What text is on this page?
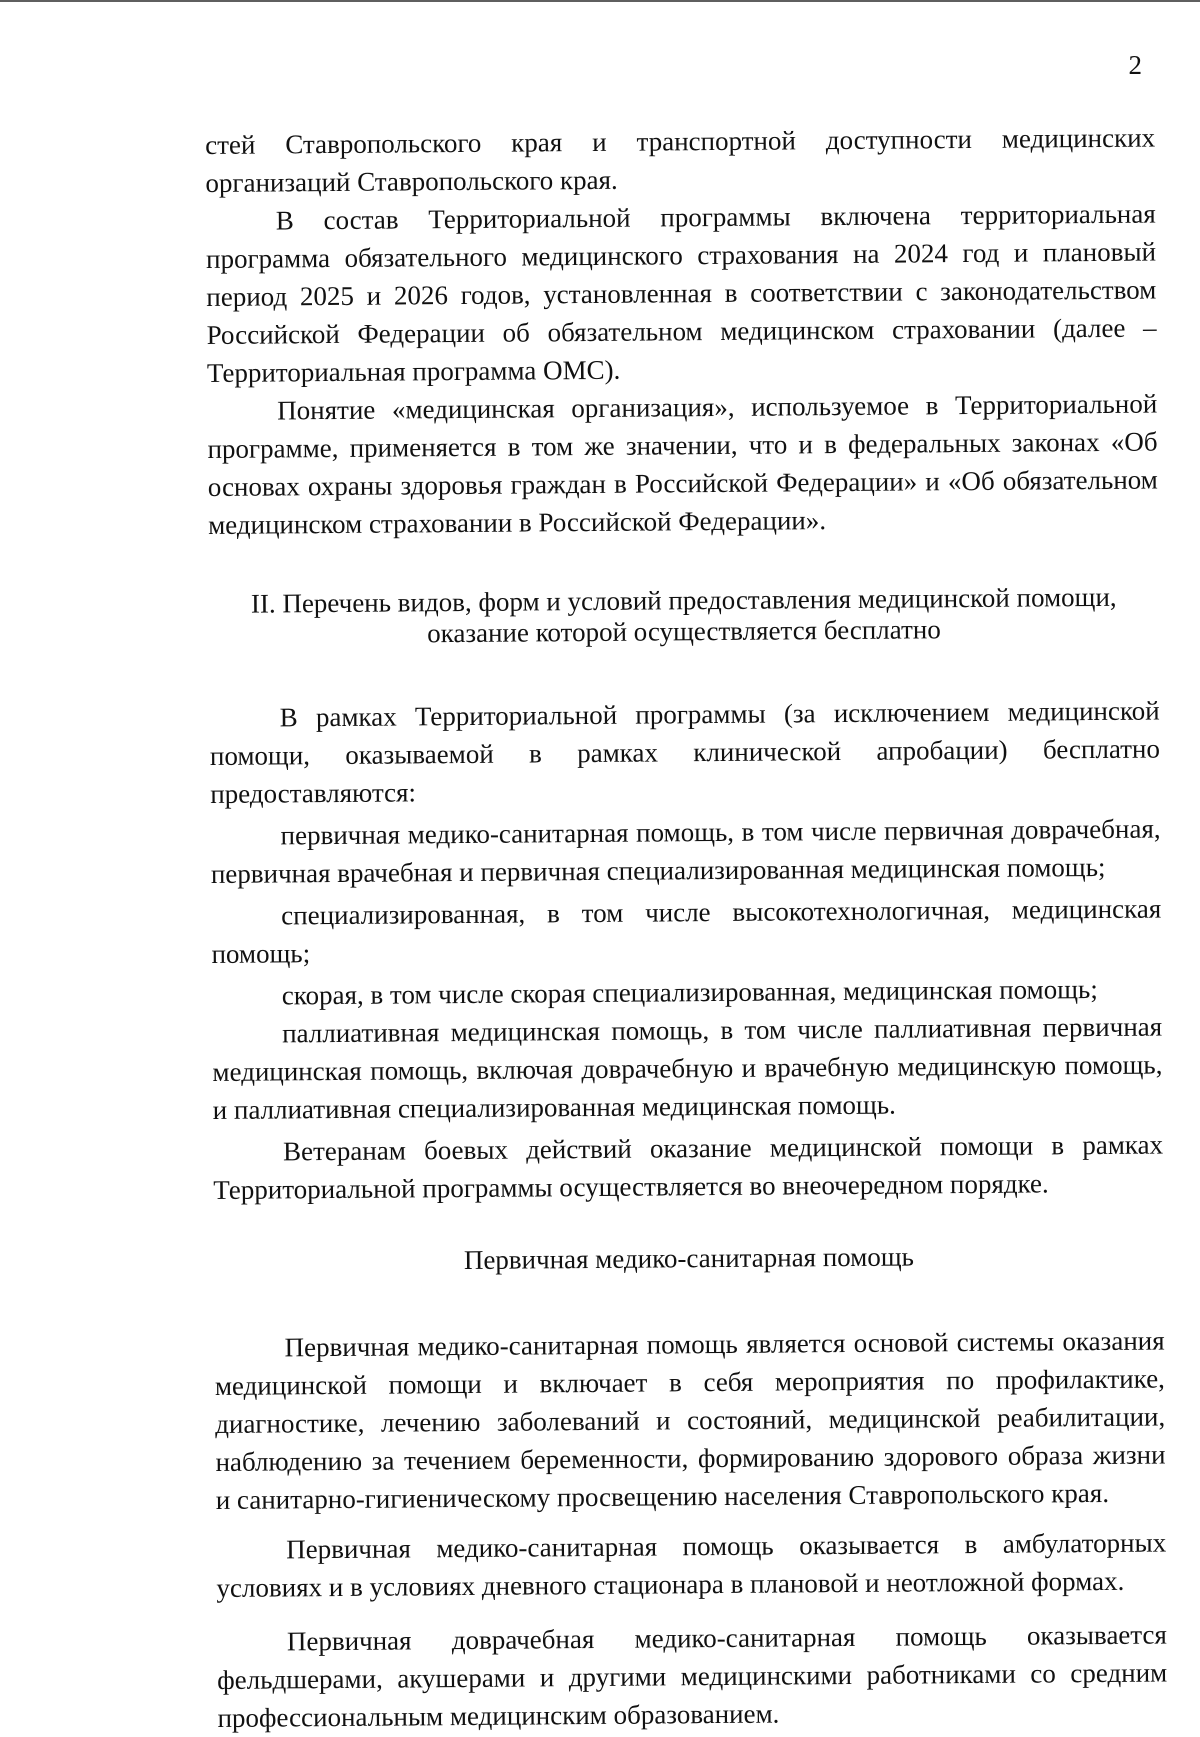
2

стей Ставропольского края и транспортной доступности медицинских организаций Ставропольского края.

В состав Территориальной программы включена территориальная программа обязательного медицинского страхования на 2024 год и плановый период 2025 и 2026 годов, установленная в соответствии с законодательством Российской Федерации об обязательном медицинском страховании (далее – Территориальная программа ОМС).

Понятие «медицинская организация», используемое в Территориальной программе, применяется в том же значении, что и в федеральных законах «Об основах охраны здоровья граждан в Российской Федерации» и «Об обязательном медицинском страховании в Российской Федерации».

II. Перечень видов, форм и условий предоставления медицинской помощи,
оказание которой осуществляется бесплатно

В рамках Территориальной программы (за исключением медицинской помощи, оказываемой в рамках клинической апробации) бесплатно предоставляются:

первичная медико-санитарная помощь, в том числе первичная доврачебная, первичная врачебная и первичная специализированная медицинская помощь;

специализированная, в том числе высокотехнологичная, медицинская помощь;

скорая, в том числе скорая специализированная, медицинская помощь;

паллиативная медицинская помощь, в том числе паллиативная первичная медицинская помощь, включая доврачебную и врачебную медицинскую помощь, и паллиативная специализированная медицинская помощь.

Ветеранам боевых действий оказание медицинской помощи в рамках Территориальной программы осуществляется во внеочередном порядке.

Первичная медико-санитарная помощь

Первичная медико-санитарная помощь является основой системы оказания медицинской помощи и включает в себя мероприятия по профилактике, диагностике, лечению заболеваний и состояний, медицинской реабилитации, наблюдению за течением беременности, формированию здорового образа жизни и санитарно-гигиеническому просвещению населения Ставропольского края.

Первичная медико-санитарная помощь оказывается в амбулаторных условиях и в условиях дневного стационара в плановой и неотложной формах.

Первичная доврачебная медико-санитарная помощь оказывается фельдшерами, акушерами и другими медицинскими работниками со средним профессиональным медицинским образованием.
